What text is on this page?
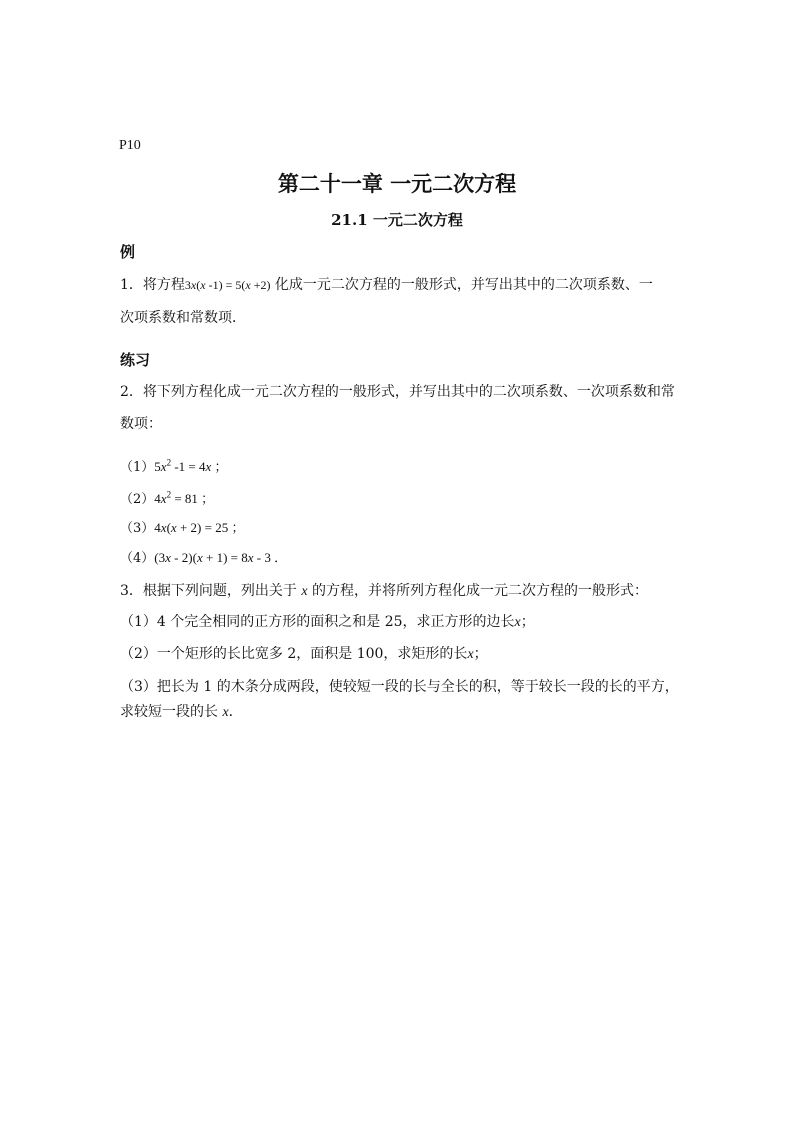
P10
第二十一章 一元二次方程
21.1 一元二次方程
例
1．将方程3x(x -1) = 5(x +2) 化成一元二次方程的一般形式，并写出其中的二次项系数、一
次项系数和常数项．
练习
2．将下列方程化成一元二次方程的一般形式，并写出其中的二次项系数、一次项系数和常
数项：
$(1)5x^2$ -1 = 4x ；
$(2)4x^2 = 81$ ；
（3）4x(x + 2) = 25 ；
（4）(3x - 2)(x + 1) = 8x - 3 ．
3．根据下列问题，列出关于 x 的方程，并将所列方程化成一元二次方程的一般形式：
（1）4 个完全相同的正方形的面积之和是 25，求正方形的边长x；
（2）一个矩形的长比宽多 2，面积是 100，求矩形的长x；
（3）把长为 1 的木条分成两段，使较短一段的长与全长的积，等于较长一段的长的平方，
求较短一段的长 x．
